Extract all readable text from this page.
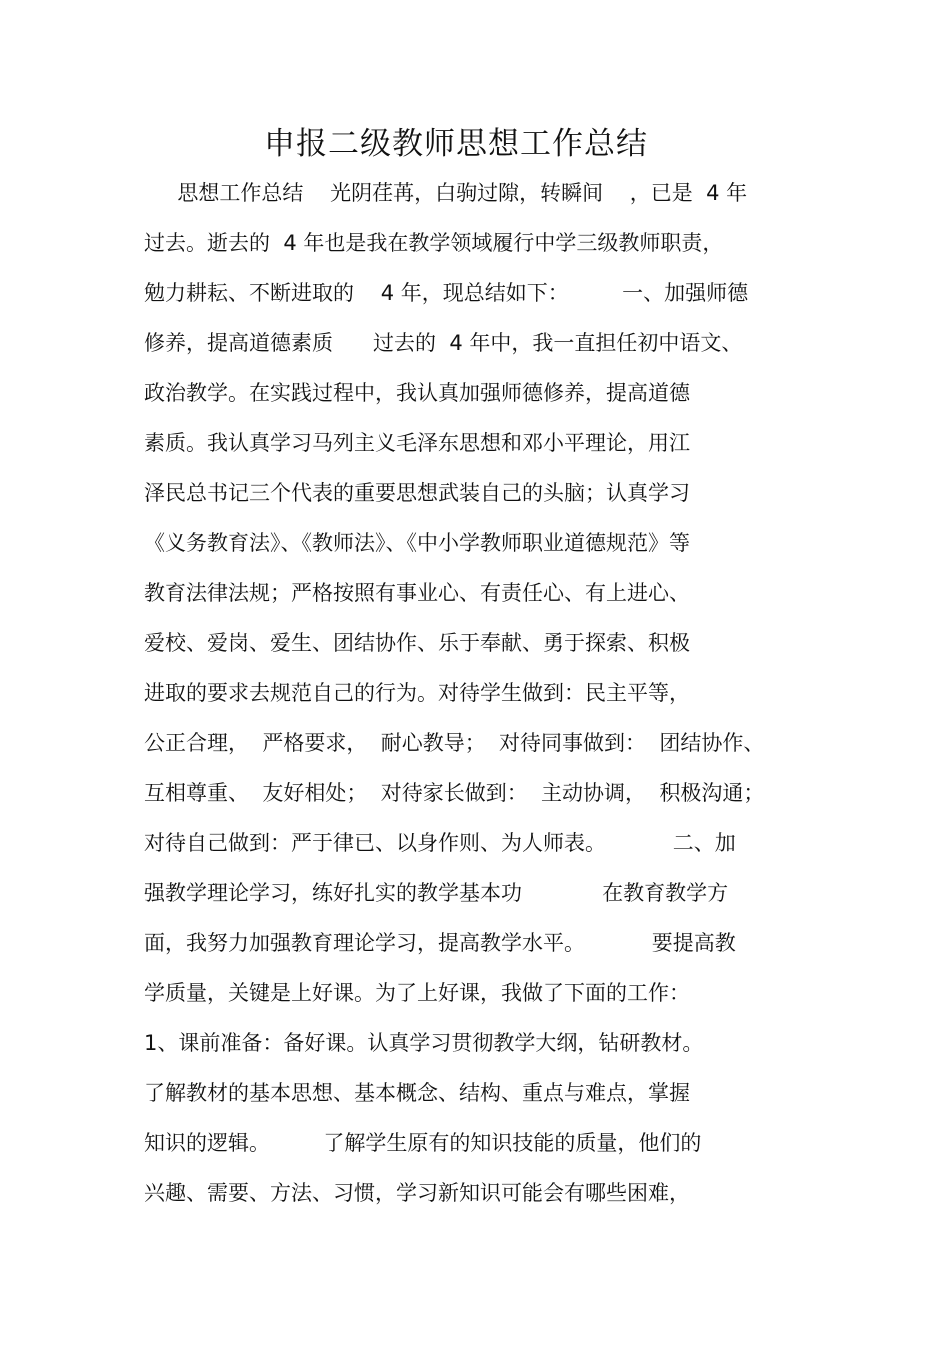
申报二级教师思想工作总结
思想工作总结    光阴荏苒，白驹过隙，转瞬间    ，已是  4 年
过去。逝去的  4 年也是我在教学领域履行中学三级教师职责，
勉力耕耘、不断进取的    4 年，现总结如下：        一、加强师德
修养，提高道德素质      过去的  4 年中，我一直担任初中语文、
政治教学。在实践过程中，我认真加强师德修养，提高道德
素质。我认真学习马列主义毛泽东思想和邓小平理论，用江
泽民总书记三个代表的重要思想武装自己的头脑；认真学习
《义务教育法》、《教师法》、《中小学教师职业道德规范》等
教育法律法规；严格按照有事业心、有责任心、有上进心、
爱校、爱岗、爱生、团结协作、乐于奉献、勇于探索、积极
进取的要求去规范自己的行为。对待学生做到：民主平等，
公正合理，  严格要求，  耐心教导；  对待同事做到：  团结协作、
互相尊重、  友好相处；  对待家长做到：  主动协调，  积极沟通；
对待自己做到：严于律已、以身作则、为人师表。          二、加
强教学理论学习，练好扎实的教学基本功            在教育教学方
面，我努力加强教育理论学习，提高教学水平。          要提高教
学质量，关键是上好课。为了上好课，我做了下面的工作：
1、课前准备：备好课。认真学习贯彻教学大纲，钻研教材。
了解教材的基本思想、基本概念、结构、重点与难点，掌握
知识的逻辑。        了解学生原有的知识技能的质量，他们的
兴趣、需要、方法、习惯，学习新知识可能会有哪些困难，
